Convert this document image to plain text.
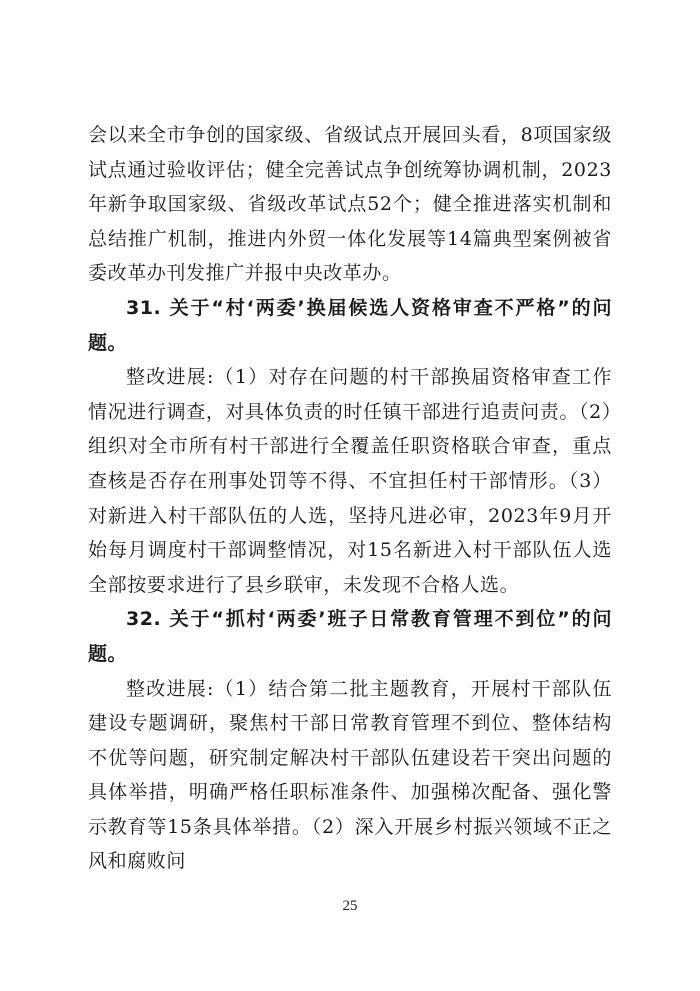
会以来全市争创的国家级、省级试点开展回头看，8项国家级试点通过验收评估；健全完善试点争创统筹协调机制，2023年新争取国家级、省级改革试点52个；健全推进落实机制和总结推广机制，推进内外贸一体化发展等14篇典型案例被省委改革办刊发推广并报中央改革办。

31. 关于“村‘两委’换届候选人资格审查不严格”的问题。

整改进展:（1）对存在问题的村干部换届资格审查工作情况进行调查，对具体负责的时任镇干部进行追责问责。（2）组织对全市所有村干部进行全覆盖任职资格联合审查，重点查核是否存在刑事处罚等不得、不宜担任村干部情形。（3）对新进入村干部队伍的人选，坚持凡进必审，2023年9月开始每月调度村干部调整情况，对15名新进入村干部队伍人选全部按要求进行了县乡联审，未发现不合格人选。

32. 关于“抓村‘两委’班子日常教育管理不到位”的问题。

整改进展:（1）结合第二批主题教育，开展村干部队伍建设专题调研，聚焦村干部日常教育管理不到位、整体结构不优等问题，研究制定解决村干部队伍建设若干突出问题的具体举措，明确严格任职标准条件、加强梯次配备、强化警示教育等15条具体举措。（2）深入开展乡村振兴领域不正之风和腐败问

25
